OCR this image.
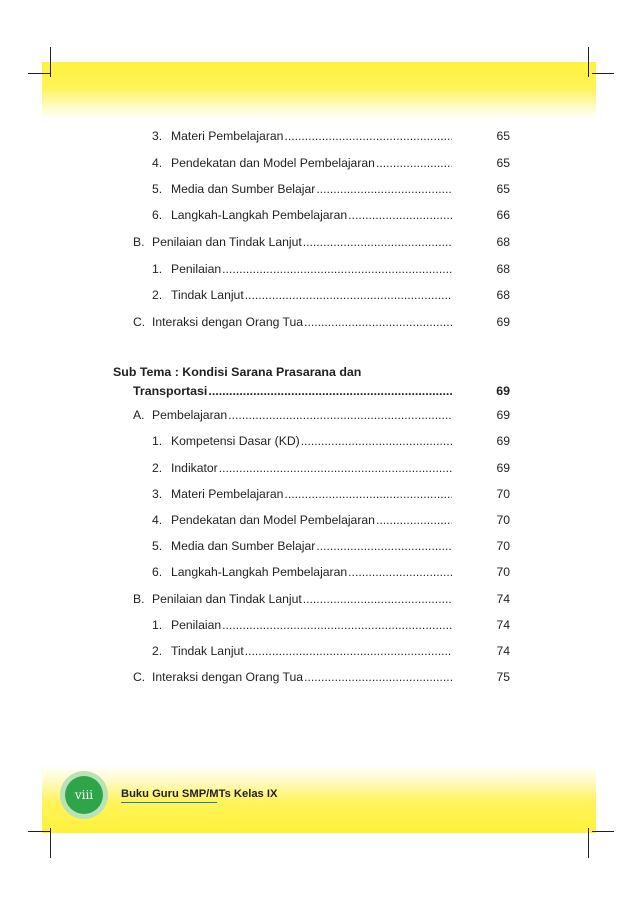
3. Materi Pembelajaran .....	65
4. Pendekatan dan Model Pembelajaran .....	65
5. Media dan Sumber Belajar .....	65
6. Langkah-Langkah Pembelajaran .....	66
B. Penilaian dan Tindak Lanjut .....	68
1. Penilaian .....	68
2. Tindak Lanjut .....	68
C. Interaksi dengan Orang Tua .....	69
Sub Tema : Kondisi Sarana Prasarana dan
Transportasi .....	69
A. Pembelajaran .....	69
1. Kompetensi Dasar (KD) .....	69
2. Indikator .....	69
3. Materi Pembelajaran .....	70
4. Pendekatan dan Model Pembelajaran .....	70
5. Media dan Sumber Belajar .....	70
6. Langkah-Langkah Pembelajaran .....	70
B. Penilaian dan Tindak Lanjut .....	74
1. Penilaian .....	74
2. Tindak Lanjut .....	74
C. Interaksi dengan Orang Tua .....	75
viii	Buku Guru SMP/MTs Kelas IX
